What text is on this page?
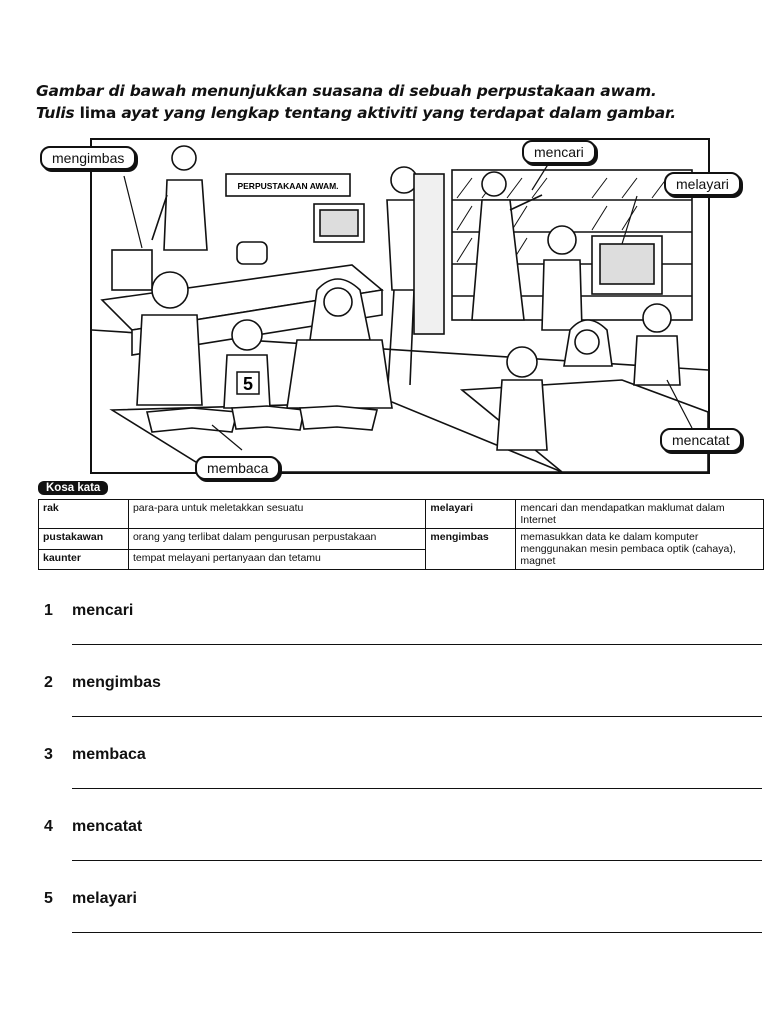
Gambar di bawah menunjukkan suasana di sebuah perpustakaan awam.
Tulis lima ayat yang lengkap tentang aktiviti yang terdapat dalam gambar.
PERPUSTAKAAN AWAM.
5
mengimbas	mencari
melayari
membaca
mencatat
Kosa kata
rak	para-para untuk meletakkan sesuatu	melayari	mencari dan mendapatkan maklumat dalam Internet
pustakawan	orang yang terlibat dalam pengurusan perpustakaan	mengimbas	memasukkan data ke dalam komputer menggunakan mesin pembaca optik (cahaya), magnet
kaunter	tempat melayani pertanyaan dan tetamu		
1 mencari
2 mengimbas
3 membaca
4 mencatat
5 melayari
